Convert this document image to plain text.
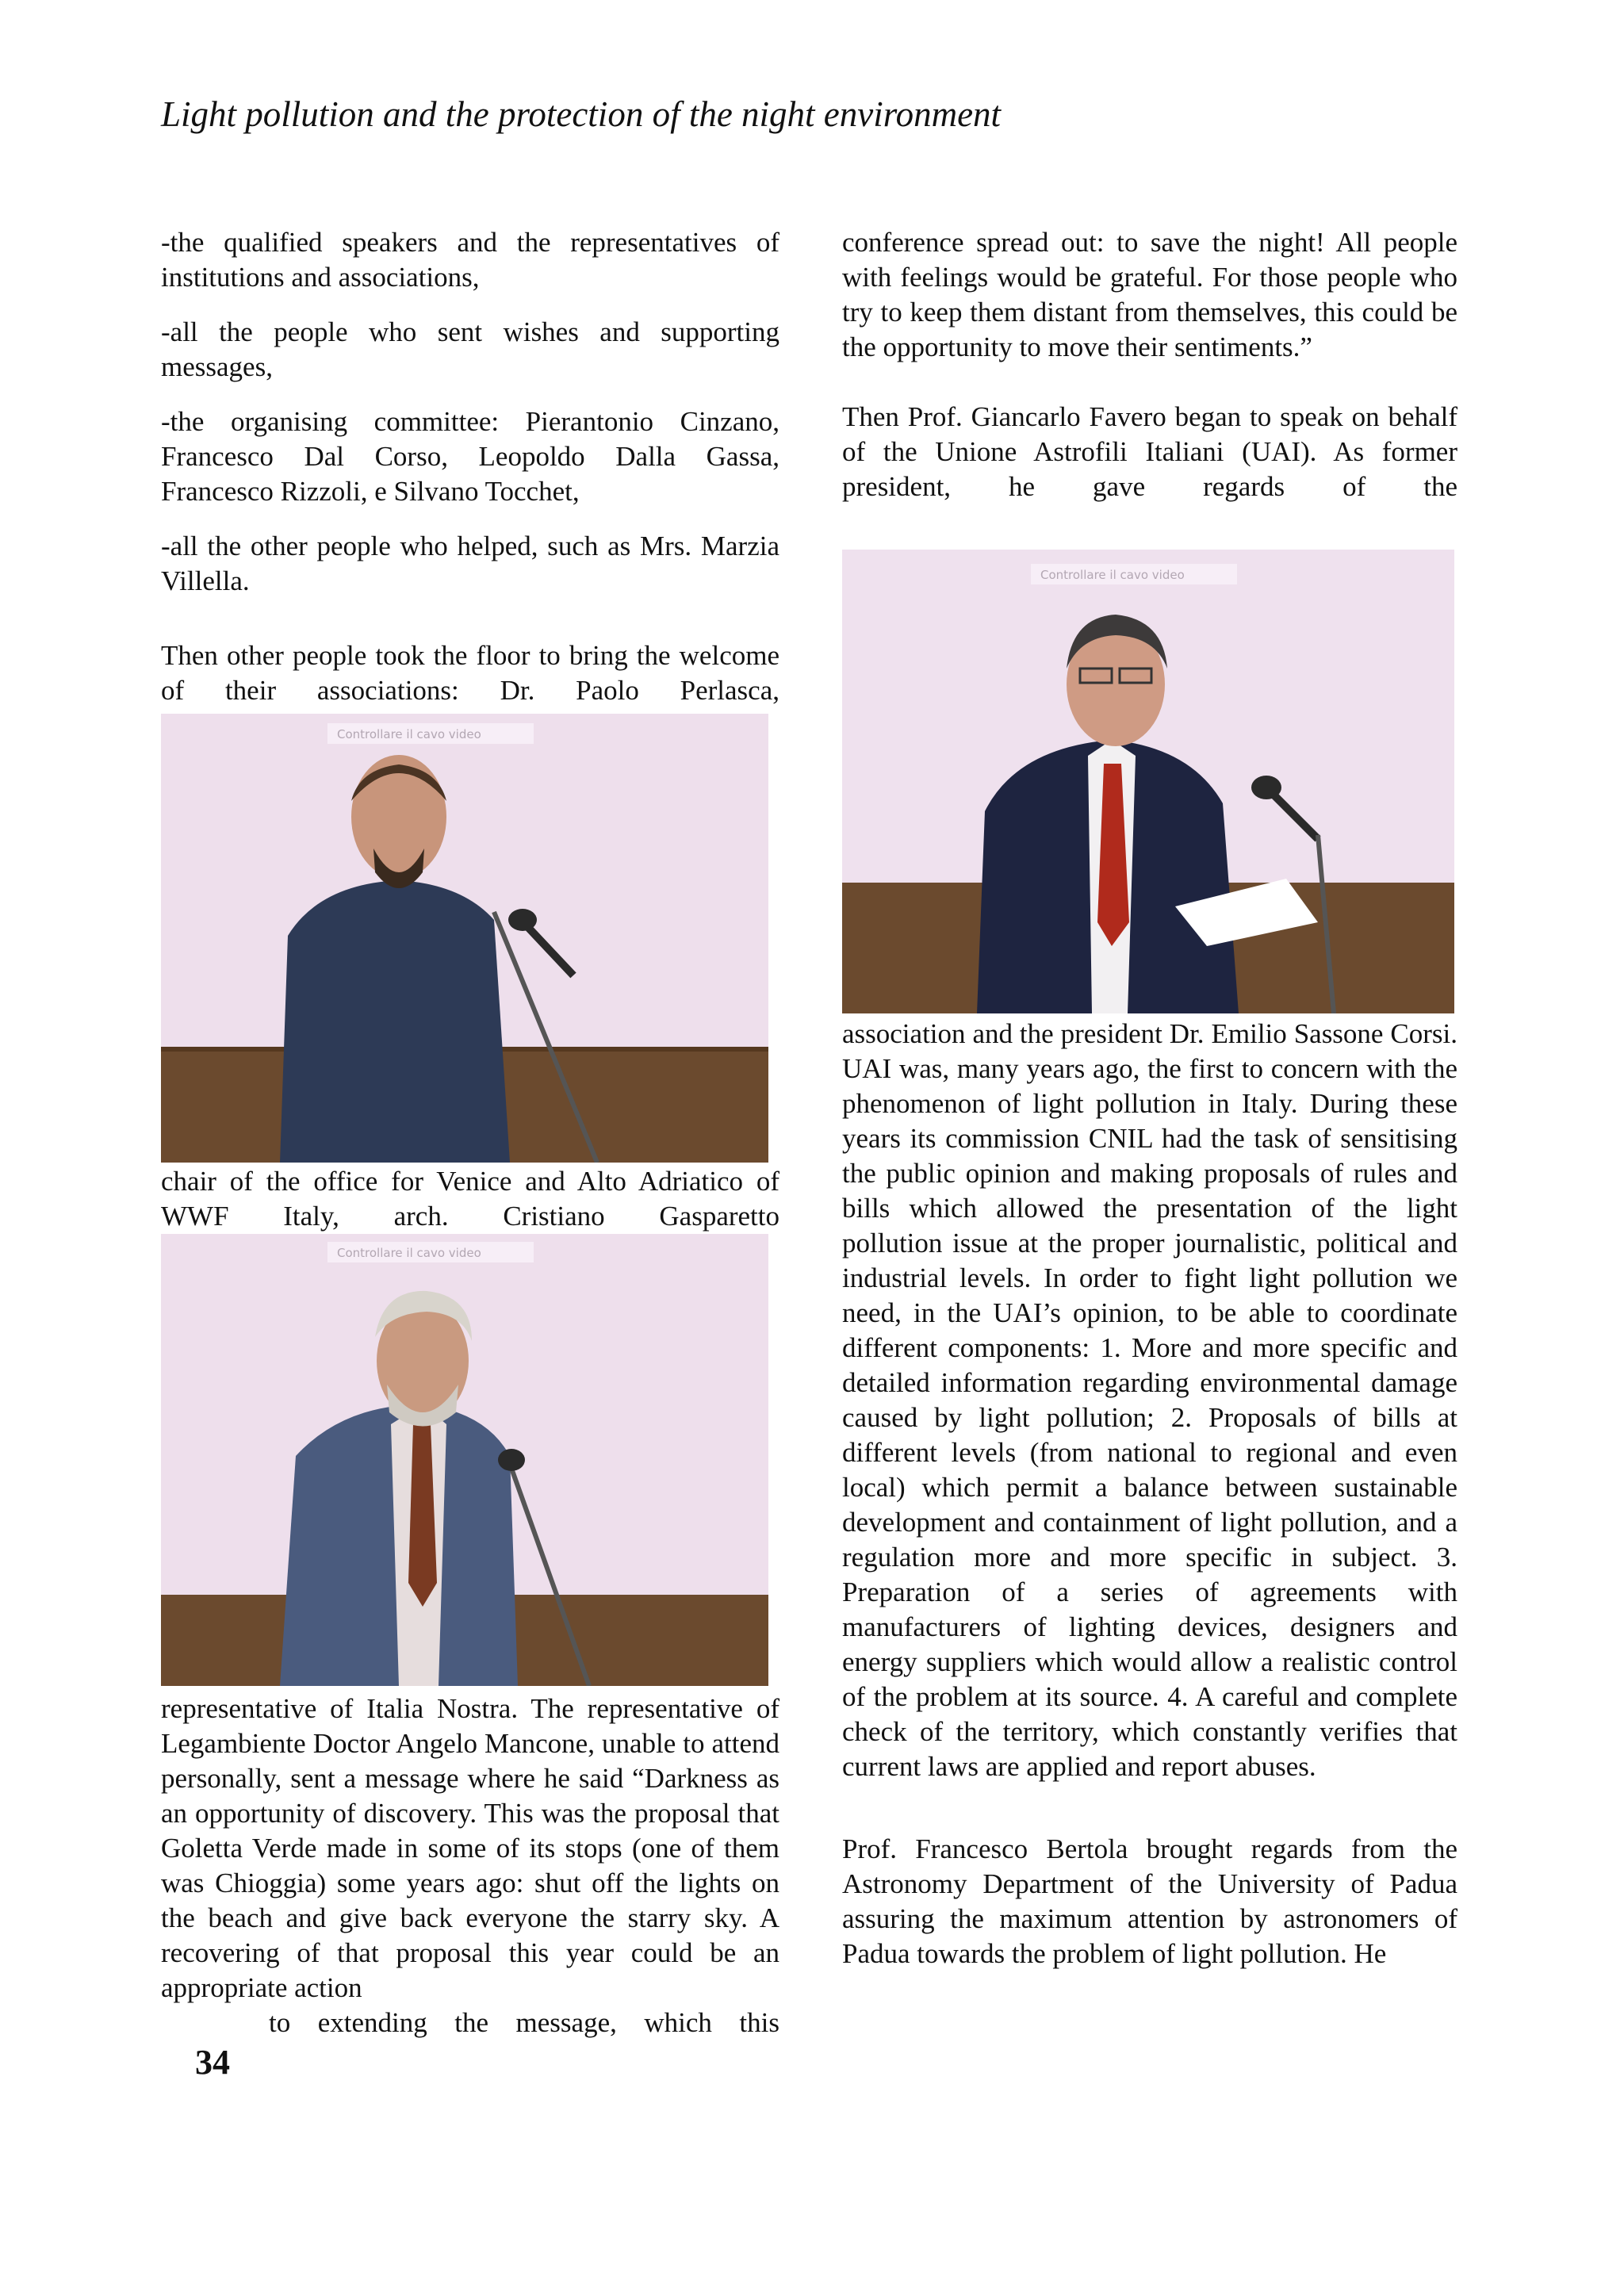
Light pollution and the protection of the night environment

-the qualified speakers and the representatives of institutions and associations,

-all the people who sent wishes and supporting messages,

-the organising committee: Pierantonio Cinzano, Francesco Dal Corso, Leopoldo Dalla Gassa, Francesco Rizzoli, e Silvano Tocchet,

-all the other people who helped, such as Mrs. Marzia Villella.

Then other people took the floor to bring the welcome of their associations: Dr. Paolo Perlasca,

Controllare il cavo video
chair of the office for Venice and Alto Adriatico of WWF Italy, arch. Cristiano Gasparetto
Controllare il cavo video

representative of Italia Nostra. The representative of Legambiente Doctor Angelo Mancone, unable to attend personally, sent a message where he said “Darkness as an opportunity of discovery. This was the proposal that Goletta Verde made in some of its stops (one of them was Chioggia) some years ago: shut off the lights on the beach and give back everyone the starry sky. A recovering of that proposal this year could be an appropriate action

to extending the message, which this

conference spread out: to save the night! All people with feelings would be grateful. For those people who try to keep them distant from themselves, this could be the opportunity to move their sentiments.”

Then Prof. Giancarlo Favero began to speak on behalf of the Unione Astrofili Italiani (UAI). As former president, he gave regards of the

Controllare il cavo video

association and the president Dr. Emilio Sassone Corsi. UAI was, many years ago, the first to concern with the phenomenon of light pollution in Italy. During these years its commission CNIL had the task of sensitising the public opinion and making proposals of rules and bills which allowed the presentation of the light pollution issue at the proper journalistic, political and industrial levels. In order to fight light pollution we need, in the UAI’s opinion, to be able to coordinate different components: 1. More and more specific and detailed information regarding environmental damage caused by light pollution; 2. Proposals of bills at different levels (from national to regional and even local) which permit a balance between sustainable development and containment of light pollution, and a regulation more and more specific in subject. 3. Preparation of a series of agreements with manufacturers of lighting devices, designers and energy suppliers which would allow a realistic control of the problem at its source. 4. A careful and complete check of the territory, which constantly verifies that current laws are applied and report abuses.

Prof. Francesco Bertola brought regards from the Astronomy Department of the University of Padua assuring the maximum attention by astronomers of Padua towards the problem of light pollution. He

34
